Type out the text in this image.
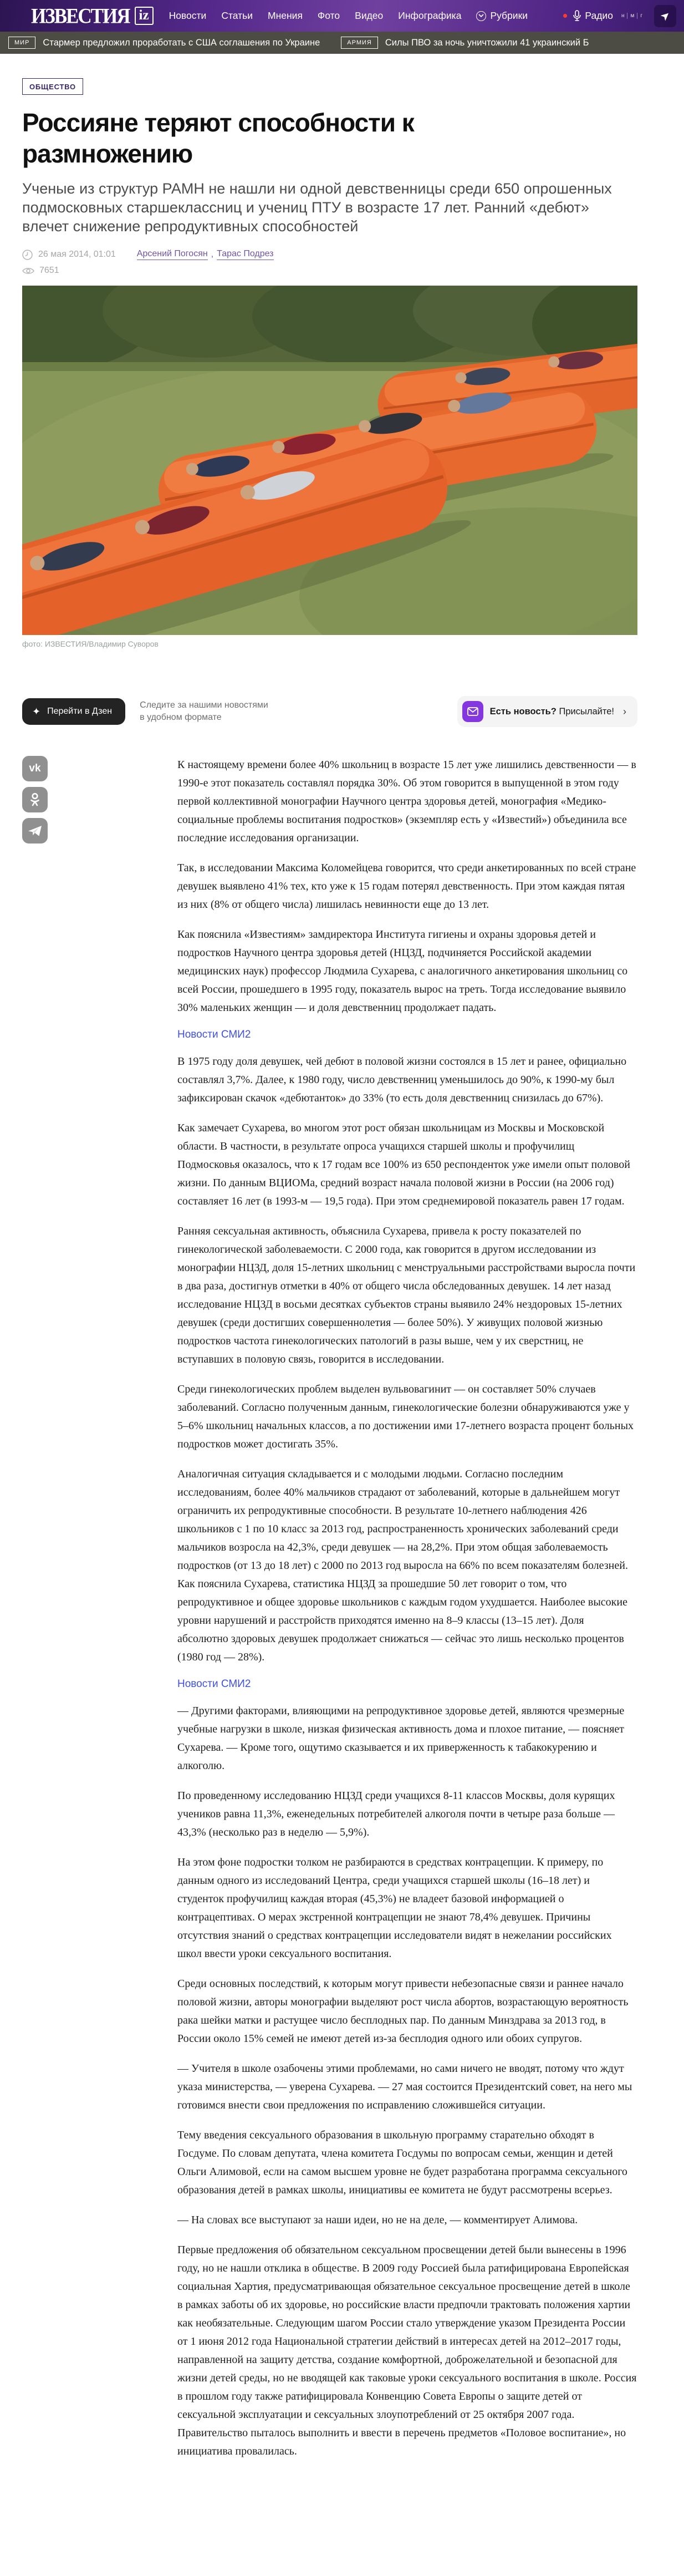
ИЗВЕСТИЯ iz	Новости Статьи Мнения Фото Видео Инфографика	Рубрики	Радио	н	м	г ➤
МИР	Стармер предложил проработать с США соглашения по Украине	АРМИЯ	Силы ПВО за ночь уничтожили 41 украинский Б
ОБЩЕСТВО
Россияне теряют способности к размножению

Ученые из структур РАМН не нашли ни одной девственницы среди 650 опрошенных подмосковных старшеклассниц и учениц ПТУ в возрасте 17 лет. Ранний «дебют» влечет снижение репродуктивных способностей

26 мая 2014, 01:01 Арсений Погосян , Тарас Подрез
7651
фото: ИЗВЕСТИЯ/Владимир Суворов
✦ Перейти в Дзен
Следите за нашими новостями
в удобном формате
Есть новость? Присылайте! ›
vk	К настоящему времени более 40% школьниц в возрасте 15 лет уже лишились девственности — в 1990-е этот показатель составлял порядка 30%. Об этом говорится в выпущенной в этом году первой коллективной монографии Научного центра здоровья детей, монография «Медико-социальные проблемы воспитания подростков» (экземпляр есть у «Известий») объединила все последние исследования организации.

Так, в исследовании Максима Коломейцева говорится, что среди анкетированных по всей стране девушек выявлено 41% тех, кто уже к 15 годам потерял девственность. При этом каждая пятая из них (8% от общего числа) лишилась невинности еще до 13 лет.

Как пояснила «Известиям» замдиректора Института гигиены и охраны здоровья детей и подростков Научного центра здоровья детей (НЦЗД, подчиняется Российской академии медицинских наук) профессор Людмила Сухарева, с аналогичного анкетирования школьниц со всей России, прошедшего в 1995 году, показатель вырос на треть. Тогда исследование выявило 30% маленьких женщин — и доля девственниц продолжает падать.

Новости СМИ2

В 1975 году доля девушек, чей дебют в половой жизни состоялся в 15 лет и ранее, официально составлял 3,7%. Далее, к 1980 году, число девственниц уменьшилось до 90%, к 1990-му был зафиксирован скачок «дебютанток» до 33% (то есть доля девственниц снизилась до 67%).

Как замечает Сухарева, во многом этот рост обязан школьницам из Москвы и Московской области. В частности, в результате опроса учащихся старшей школы и профучилищ Подмосковья оказалось, что к 17 годам все 100% из 650 респонденток уже имели опыт половой жизни. По данным ВЦИОМа, средний возраст начала половой жизни в России (на 2006 год) составляет 16 лет (в 1993-м — 19,5 года). При этом среднемировой показатель равен 17 годам.

Ранняя сексуальная активность, объяснила Сухарева, привела к росту показателей по гинекологической заболеваемости. С 2000 года, как говорится в другом исследовании из монографии НЦЗД, доля 15-летних школьниц с менструальными расстройствами выросла почти в два раза, достигнув отметки в 40% от общего числа обследованных девушек. 14 лет назад исследование НЦЗД в восьми десятках субъектов страны выявило 24% нездоровых 15-летних девушек (среди достигших совершеннолетия — более 50%). У живущих половой жизнью подростков частота гинекологических патологий в разы выше, чем у их сверстниц, не вступавших в половую связь, говорится в исследовании.

Среди гинекологических проблем выделен вульвовагинит — он составляет 50% случаев заболеваний. Согласно полученным данным, гинекологические болезни обнаруживаются уже у 5–6% школьниц начальных классов, а по достижении ими 17-летнего возраста процент больных подростков может достигать 35%.

Аналогичная ситуация складывается и с молодыми людьми. Согласно последним исследованиям, более 40% мальчиков страдают от заболеваний, которые в дальнейшем могут ограничить их репродуктивные способности. В результате 10-летнего наблюдения 426 школьников с 1 по 10 класс за 2013 год, распространенность хронических заболеваний среди мальчиков возросла на 42,3%, среди девушек — на 28,2%. При этом общая заболеваемость подростков (от 13 до 18 лет) с 2000 по 2013 год выросла на 66% по всем показателям болезней. Как пояснила Сухарева, статистика НЦЗД за прошедшие 50 лет говорит о том, что репродуктивное и общее здоровье школьников с каждым годом ухудшается. Наиболее высокие уровни нарушений и расстройств приходятся именно на 8–9 классы (13–15 лет). Доля абсолютно здоровых девушек продолжает снижаться — сейчас это лишь несколько процентов (1980 год — 28%).

Новости СМИ2

— Другими факторами, влияющими на репродуктивное здоровье детей, являются чрезмерные учебные нагрузки в школе, низкая физическая активность дома и плохое питание, — поясняет Сухарева. — Кроме того, ощутимо сказывается и их приверженность к табакокурению и алкоголю.

По проведенному исследованию НЦЗД среди учащихся 8-11 классов Москвы, доля курящих учеников равна 11,3%, еженедельных потребителей алкоголя почти в четыре раза больше — 43,3% (несколько раз в неделю — 5,9%).

На этом фоне подростки толком не разбираются в средствах контрацепции. К примеру, по данным одного из исследований Центра, среди учащихся старшей школы (16–18 лет) и студенток профучилищ каждая вторая (45,3%) не владеет базовой информацией о контрацептивах. О мерах экстренной контрацепции не знают 78,4% девушек. Причины отсутствия знаний о средствах контрацепции исследователи видят в нежелании российских школ ввести уроки сексуального воспитания.

Среди основных последствий, к которым могут привести небезопасные связи и раннее начало половой жизни, авторы монографии выделяют рост числа абортов, возрастающую вероятность рака шейки матки и растущее число бесплодных пар. По данным Минздрава за 2013 год, в России около 15% семей не имеют детей из-за бесплодия одного или обоих супругов.

— Учителя в школе озабочены этими проблемами, но сами ничего не вводят, потому что ждут указа министерства, — уверена Сухарева. — 27 мая состоится Президентский совет, на него мы готовимся внести свои предложения по исправлению сложившейся ситуации.

Тему введения сексуального образования в школьную программу старательно обходят в Госдуме. По словам депутата, члена комитета Госдумы по вопросам семьи, женщин и детей Ольги Алимовой, если на самом высшем уровне не будет разработана программа сексуального образования детей в рамках школы, инициативы ее комитета не будут рассмотрены всерьез.

— На словах все выступают за наши идеи, но не на деле, — комментирует Алимова.

Первые предложения об обязательном сексуальном просвещении детей были вынесены в 1996 году, но не нашли отклика в обществе. В 2009 году Россией была ратифицирована Европейская социальная Хартия, предусматривающая обязательное сексуальное просвещение детей в школе в рамках заботы об их здоровье, но российские власти предпочли трактовать положения хартии как необязательные. Следующим шагом России стало утверждение указом Президента России от 1 июня 2012 года Национальной стратегии действий в интересах детей на 2012–2017 годы, направленной на защиту детства, создание комфортной, доброжелательной и безопасной для жизни детей среды, но не вводящей как таковые уроки сексуального воспитания в школе. Россия в прошлом году также ратифицировала Конвенцию Совета Европы о защите детей от сексуальной эксплуатации и сексуальных злоупотреблений от 25 октября 2007 года. Правительство пыталось выполнить и ввести в перечень предметов «Половое воспитание», но инициатива провалилась.
